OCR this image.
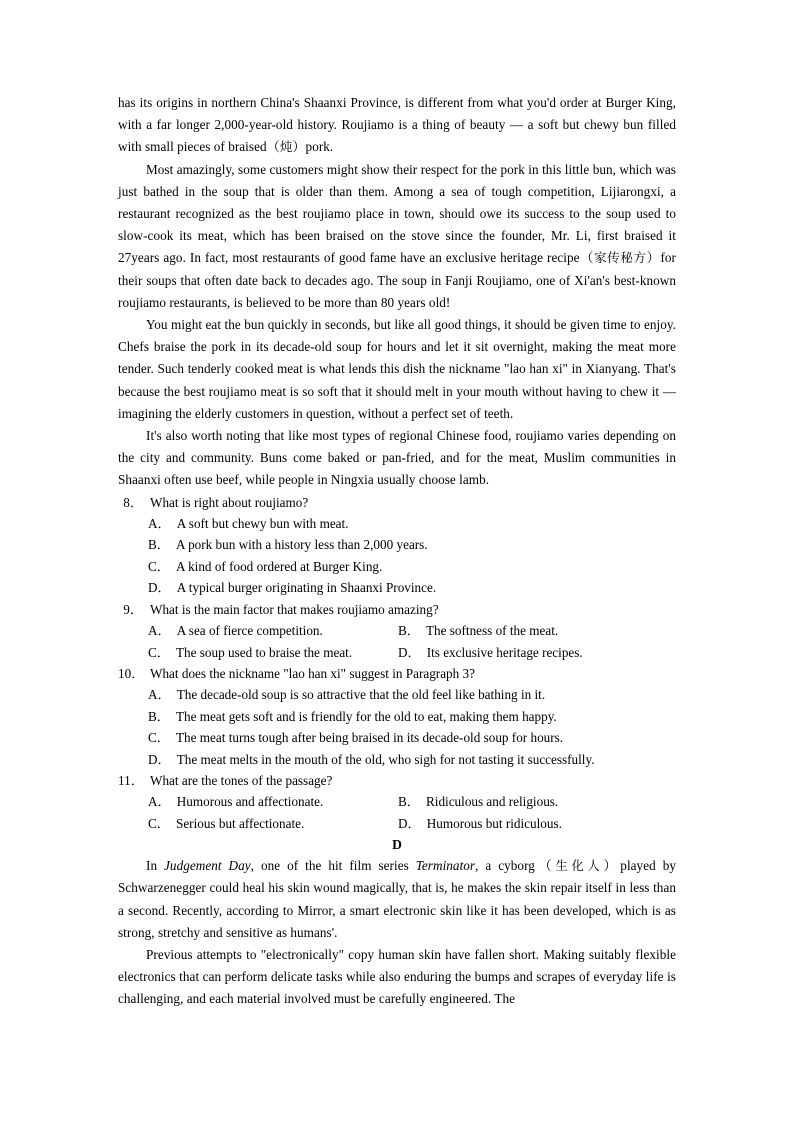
has its origins in northern China's Shaanxi Province, is different from what you'd order at Burger King, with a far longer 2,000-year-old history. Roujiamo is a thing of beauty — a soft but chewy bun filled with small pieces of braised（炖）pork.

Most amazingly, some customers might show their respect for the pork in this little bun, which was just bathed in the soup that is older than them. Among a sea of tough competition, Lijiarongxi, a restaurant recognized as the best roujiamo place in town, should owe its success to the soup used to slow-cook its meat, which has been braised on the stove since the founder, Mr. Li, first braised it 27years ago. In fact, most restaurants of good fame have an exclusive heritage recipe（家传秘方）for their soups that often date back to decades ago. The soup in Fanji Roujiamo, one of Xi'an's best-known roujiamo restaurants, is believed to be more than 80 years old!

You might eat the bun quickly in seconds, but like all good things, it should be given time to enjoy. Chefs braise the pork in its decade-old soup for hours and let it sit overnight, making the meat more tender. Such tenderly cooked meat is what lends this dish the nickname "lao han xi" in Xianyang. That's because the best roujiamo meat is so soft that it should melt in your mouth without having to chew it — imagining the elderly customers in question, without a perfect set of teeth.

It's also worth noting that like most types of regional Chinese food, roujiamo varies depending on the city and community. Buns come baked or pan-fried, and for the meat, Muslim communities in Shaanxi often use beef, while people in Ningxia usually choose lamb.

8． What is right about roujiamo?
A． A soft but chewy bun with meat.
B． A pork bun with a history less than 2,000 years.
C． A kind of food ordered at Burger King.
D． A typical burger originating in Shaanxi Province.
9． What is the main factor that makes roujiamo amazing?
A． A sea of fierce competition.	B． The softness of the meat.
C． The soup used to braise the meat.	D． Its exclusive heritage recipes.
10． What does the nickname "lao han xi" suggest in Paragraph 3?
A． The decade-old soup is so attractive that the old feel like bathing in it.
B． The meat gets soft and is friendly for the old to eat, making them happy.
C． The meat turns tough after being braised in its decade-old soup for hours.
D． The meat melts in the mouth of the old, who sigh for not tasting it successfully.
11． What are the tones of the passage?
A． Humorous and affectionate.	B． Ridiculous and religious.
C． Serious but affectionate.	D． Humorous but ridiculous.
D

In Judgement Day, one of the hit film series Terminator, a cyborg（生化人）played by Schwarzenegger could heal his skin wound magically, that is, he makes the skin repair itself in less than a second. Recently, according to Mirror, a smart electronic skin like it has been developed, which is as strong, stretchy and sensitive as humans'.

Previous attempts to "electronically" copy human skin have fallen short. Making suitably flexible electronics that can perform delicate tasks while also enduring the bumps and scrapes of everyday life is challenging, and each material involved must be carefully engineered. The
